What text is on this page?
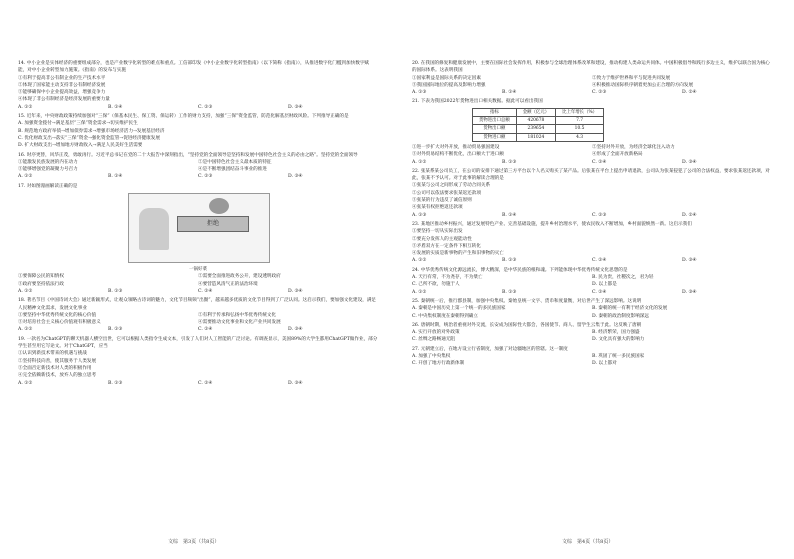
14. 中小企业是实体经济的重要组成部分，也是产业数字化转型的难点和重点。工信部印发《中小企业数字化转型指南》（以下简称《指南》），从推进数字化门槛到加快数字赋能，对中小企业转型加力施策。《指南》的发布与实施

①有利于提高非公有制企业的生产技术水平

②体现了国家能主动支持非公有制经济发展

③能够确保中小企业提高效益，增强竞争力

④体现了非公有制经济是经济发展的重要力量

A. ①②	B. ①④	C. ②③	D. ③④

15. 近年来，中央财政政策持续加强对“三保”（保基本民生、保工资、保运转）工作的财力支持，加强“三保”资金监管，防范化解基层财政风险。下列推导正确的是

A. 加强资金拨付→满足基层“三保”资金需求→切实维护民生

B. 规范地方政府举债→增加债券需求→增强市场经济活力→发展基层经济

C. 优化财政支出→落实“三保”资金→强化资金监管→促进经济健康发展

D. 扩大财政支出→增加地方财政收入→满足人民美好生活需要

16. 时序更替，风华正茂，勇敢再行。习近平总书记在党的二十大报告中深刻指出，“坚持党的全面领导是坚持和发展中国特色社会主义的必由之路”。坚持党的全面领导

①能激发民族发展的内在动力	②是中国特色社会主义最本质的特征
③能够增强党的凝聚力号召力	④是不断增强团结奋斗事业的推进
A. ①②	B. ①④	C. ②③	D. ③④

17. 对如图漫画解读正确的是

拒绝
一锅好菜
①要保障公民的知情权	②需要全面推进政务公开，建设透明政府
③政府要坚持依法行政	④要营造风清气正的法治环境
A. ①②	B. ①③	C. ②④	D. ③④

18. 著名节目《中国诗词大会》通过新颖形式，让观众领略古诗词的魅力，文化节目频频“出圈”，越来越多优质的文化节目得到了广泛认同。这启示我们，要加强文化建设，满足人民精神文化需求，发展文化事业

①要坚持中华优秀传统文化的核心价值	②有利于传承和弘扬中华优秀传统文化
③对培育社会主义核心价值观有积极意义	④需要推动文化事业和文化产业共同发展
A. ①②	B. ①③	C. ②④	D. ③④

19. 一款名为ChatGPT的聊天机器人横空出世，它可以根据人类指令生成文本，引发了人们对人工智能的广泛讨论。有调查显示，美国89%的大学生都用ChatGPT做作业，部分学生甚至用它写论文。对于ChatGPT，应当

①认识到新技术带来的机遇与挑战

②坚持科技向善，使其服务于人类发展

③全面否定新技术对人类的积极作用

④完全依赖新技术，放弃人的独立思考

A. ①②	B. ①③	C. ②④	D. ③④

20. 在我国的修复和健康发展中，主要在国际社会发挥作用，积极参与全球治理体系改革和建设，推动构建人类命运共同体。中国积极倡导和践行多边主义，维护以联合国为核心的国际体系。这表明我国

①国家利益是国际关系的决定因素	②致力于维护世界和平与促进共同发展
③我国国际地位的提高及影响力增强	④积极推动国际秩序朝着更加公正合理的方向发展
A. ①③	B. ①④	C. ②③	D. ②④

21. 下表为我国2022年货物进出口相关数据。据此可以看出我国

指标	金额（亿元）	比上年增长（%）
货物进出口总额	420678	7.7
货物出口额	239654	10.5
货物进口额	181024	4.3
①进一步扩大对外开放，推动贸易强国建设	②坚持对外开放，为经济全球化注入动力
③对外贸易结构不断优化，出口额大于进口额	④形成了全面开放新格局
A. ①②	B. ①③	C. ②④	D. ③④

22. 张某系某公司员工，在公司的安排下通过第三方平台以个人名义购买了某产品。后张某在平台上提出申请退款，公司认为张某侵犯了公司的合法权益，要求张某返还款项，对此，张某不予认可。对于此事的解读合理的是

①张某与公司之间形成了劳动合同关系

②公司可以依法要求张某返还款项

③张某的行为违反了诚信原则

④张某有权拒绝返还款项

A. ①③	B. ①④	C. ②③	D. ②④

23. 某地区推动乡村振兴，通过发展特色产业、完善基础设施，提升乡村治理水平，使农民收入不断增加，乡村面貌焕然一新。这启示我们

①要坚持一切从实际出发

②要充分发挥人的主观能动性

③矛盾双方在一定条件下相互转化

④发展的实质是新事物的产生和旧事物的灭亡

A. ①②	B. ①③	C. ②④	D. ③④

24. 中华优秀传统文化源远流长，博大精深，是中华民族的根和魂。下列能体现中华优秀传统文化思想的是

A. 天行有常，不为尧存，不为桀亡	B. 民为贵，社稷次之，君为轻
C. 己所不欲，勿施于人	D. 以上都是
A. ①②	B. ①③	C. ②④	D. ③④

25. 秦朝统一后，推行郡县制，加强中央集权。秦始皇统一文字、货币和度量衡，对后世产生了深远影响。这说明

A. 秦朝是中国历史上第一个统一的多民族国家	B. 秦朝的统一有利于经济文化的发展
C. 中央集权制度在秦朝得到确立	D. 秦朝的政治制度影响深远

26. 唐朝时期，统治者重视对外交流，长安成为国际性大都会，各国使节、商人、留学生云集于此。这反映了唐朝

A. 实行开放的对外政策	B. 经济繁荣，国力强盛
C. 丝绸之路畅通无阻	D. 文化具有强大的影响力

27. 元朝建立后，在地方设立行省制度，加强了对边疆地区的管辖。这一制度

A. 加强了中央集权	B. 巩固了统一多民族国家
C. 开创了地方行政新体制	D. 以上都对
文综　第3页（共8页）	文综　第4页（共8页）
